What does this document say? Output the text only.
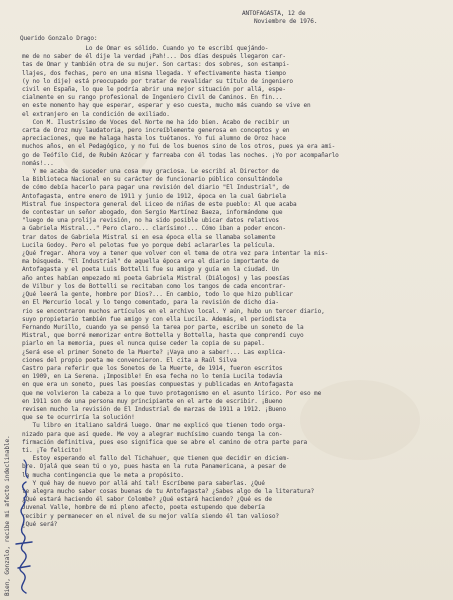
ANTOFAGASTA, 12 de
Noviembre de 1976.
Querido Gonzalo Drago:
Lo de Omar es sólido. Cuando yo te escribí quejándo-
me de no saber de él dije la verdad ¡Pah!... Dos días después llegaron car-
tas de Omar y también otra de su mujer. Son cartas: dos sobres, son estampi-
llajes, dos fechas, pero en una misma llegada. Y efectivamente hasta tiempo
(y no lo dije) está preocupado por tratar de revalidar su título de ingeniero
civil en España, lo que le podría abrir una mejor situación por allá, espe-
cialmente en su rango profesional de Ingeniero Civil de Caminos. En fin...
en este momento hay que esperar, esperar y eso cuesta, mucho más cuando se vive en
el extranjero en la condición de exiliado.
Con M. Ilustrísimo de Voces del Norte me ha ido bien. Acabo de recibir un
carta de Oroz muy laudatoria, pero increíblemente generosa en conceptos y en
apreciaciones, que me halaga hasta los tuétanos. Yo fui alumno de Oroz hace
muchos años, en el Pedagógico, y no fui de los buenos sino de los otros, pues ya era ami-
go de Teófilo Cid, de Rubén Azócar y farreaba con él todas las noches. ¡Yo por acompañarlo
nomás!...
Y me acaba de suceder una cosa muy graciosa. Le escribí al Director de
la Biblioteca Nacional en su carácter de funcionario público consultándole
de cómo debía hacerlo para pagar una revisión del diario "El Industrial", de
Antofagasta, entre enero de 1911 y junio de 1912, época en la cual Gabriela
Mistral fue inspectora general del Liceo de niñas de este pueblo: Al que acaba
de contestar un señor abogado, don Sergio Martínez Baeza, informándome que
"luego de una prolija revisión, no ha sido posible ubicar datos relativos
a Gabriela Mistral..." Pero claro... clarísimo!... Cómo iban a poder encon-
trar datos de Gabriela Mistral si en esa época ella se llamaba solamente
Lucila Godoy. Pero el pelotas fue yo porque debí aclararles la película.
¿Qué fregar. Ahora voy a tener que volver con el tema de otra vez para intentar la mis-
ma búsqueda. "El Industrial" de aquella época era el diario importante de
Antofagasta y el poeta Luis Bottelli fue su amigo y guía en la ciudad. Un
año antes habían empezado mi poeta Gabriela Mistral (Diálogos) y las poesías
de Vilbur y los de Bottelli se recitaban como los tangos de cada encontrar-
¿Qué leerá la gente, hombre por Dios?... En cambio, todo lo que hizo publicar
en El Mercurio local y lo tengo comentado, para la revisión de dicho dia-
rio se encontraron muchos artículos en el archivo local. Y aún, hubo un tercer diario,
suyo propietario también fue amigo y con ella Lucila. Además, el periodista
Fernando Murillo, cuando ya se pensó la tarea por parte, escribe un soneto de la
Mistral, que borré memorizar entre Bottella y Bottella, hasta que comprendí cuyo
piarlo en la memoria, pues el nunca quise ceder la copia de su papel.
¿Será ese el primer Soneto de la Muerte? ¡Vaya uno a saber!... Las explica-
ciones del propio poeta me convencieron. El cita a Raúl Silva
Castro para referir que los Sonetos de la Muerte, de 1914, fueron escritos
en 1909, en La Serena. ¡Imposible! En esa fecha no lo tenía Lucila todavía
en que era un soneto, pues las poesías compuestas y publicadas en Antofagasta
que me volvieron la cabeza a lo que tuvo protagonismo en el asunto lírico. Por eso me
en 1911 son de una persona muy principiante en el arte de escribir. ¡Bueno
revisen mucho la revisión de El Industrial de marzas de 1911 a 1912. ¡Bueno
que se te ocurriría la solución!
Tu libro en italiano saldrá luego. Omar me explicó que tienen todo orga-
nizado para que así quede. Me voy a alegrar muchísimo cuando tenga la con-
firmación definitiva, pues eso significa que se abre el camino de otra parte para
ti. ¡Te felicito!
Estoy esperando el fallo del Tichahuer, que tienen que decidir en diciem-
bre. Ojalá que sean tú o yo, pues hasta en la ruta Panamericana, a pesar de
la mucha contingencia que le meta a propósito.
Y qué hay de nuevo por allá ahí tal! Escríbeme para saberlas. ¿Qué
te alegra mucho saber cosas buenas de tu Antofagasta? ¿Sabes algo de la literatura?
¿Qué estará haciendo él sabor Colombe? ¿Qué estará haciendo? ¿Qué es de
Juvenal Valle, hombre de mi pleno afecto, poeta estupendo que debería
recibir y permanecer en el nivel de su mejor valía siendo él tan valioso?
¿Qué será?
Bien, Gonzalo, recibe mi afecto indeclinable.
